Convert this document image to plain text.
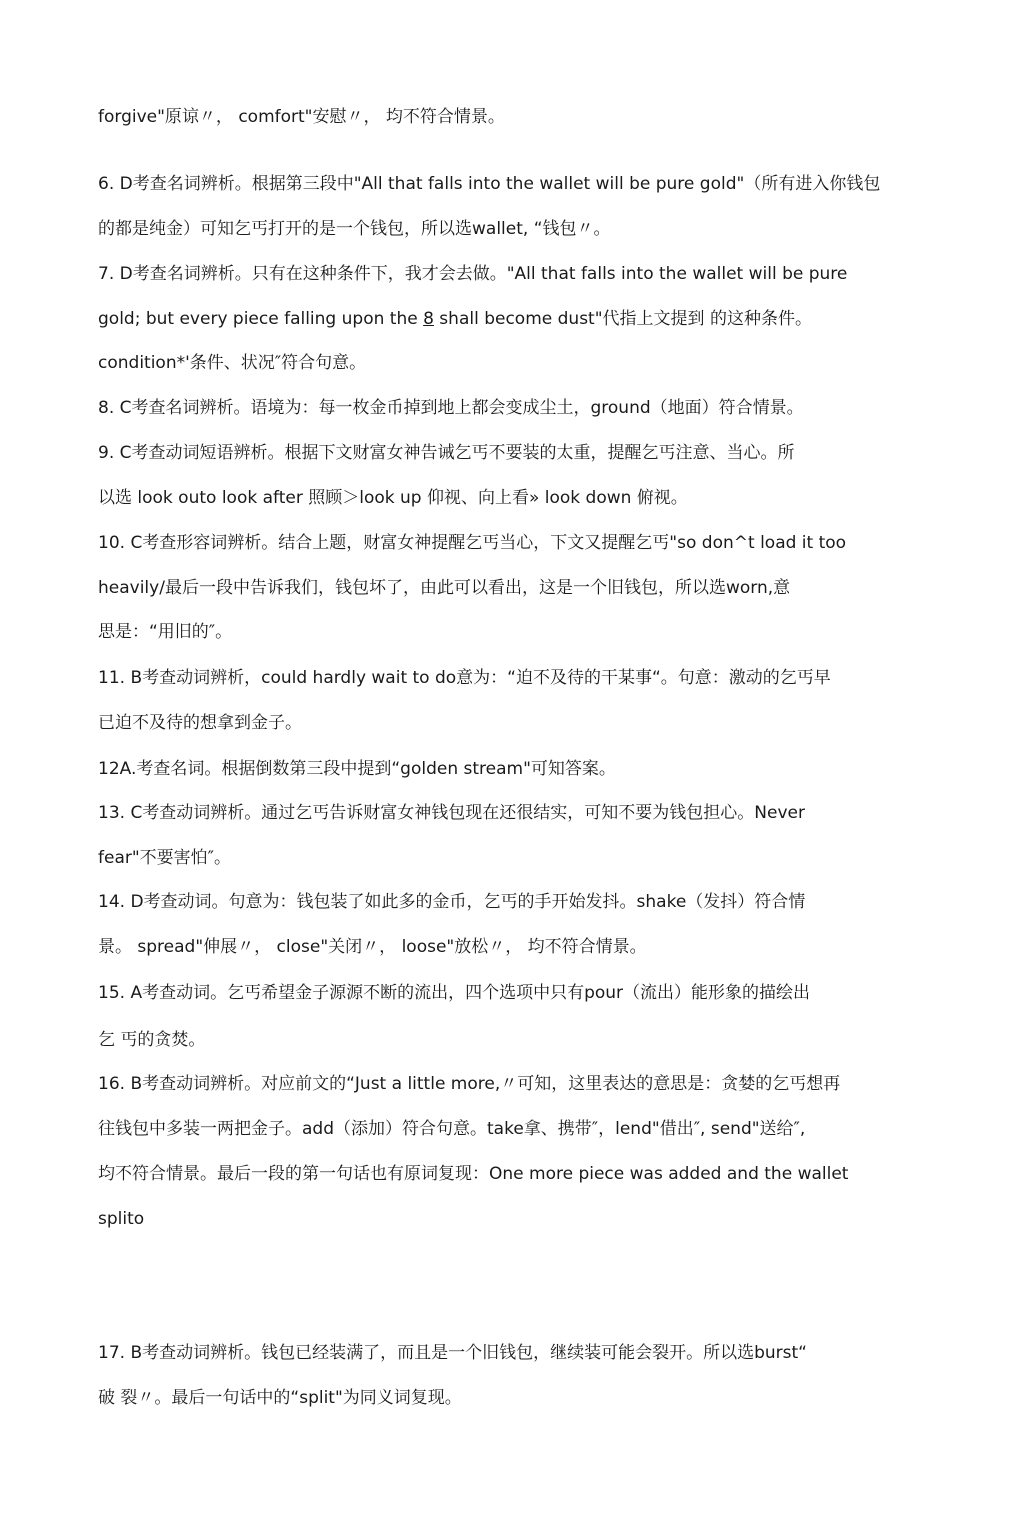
forgive"原谅〃， comfort"安慰〃， 均不符合情景。
6. D考查名词辨析。根据第三段中"All that falls into the wallet will be pure gold"（所有进入你钱包
的都是纯金）可知乞丐打开的是一个钱包，所以选wallet, “钱包〃。
7. D考查名词辨析。只有在这种条件下，我才会去做。"All that falls into the wallet will be pure
gold; but every piece falling upon the 8 shall become dust"代指上文提到 的这种条件。
condition*'条件、状况″符合句意。
8. C考查名词辨析。语境为：每一枚金币掉到地上都会变成尘土，ground（地面）符合情景。
9. C考查动词短语辨析。根据下文财富女神告诫乞丐不要装的太重，提醒乞丐注意、当心。所
以选 look outo look after 照顾＞look up 仰视、向上看» look down 俯视。
10. C考查形容词辨析。结合上题，财富女神提醒乞丐当心，下文又提醒乞丐"so don^t load it too
heavily/最后一段中告诉我们，钱包坏了，由此可以看出，这是一个旧钱包，所以选worn,意
思是：“用旧的″。
11. B考查动词辨析，could hardly wait to do意为：“迫不及待的干某事“。句意：激动的乞丐早
已迫不及待的想拿到金子。
12A.考查名词。根据倒数第三段中提到“golden stream"可知答案。
13. C考查动词辨析。通过乞丐告诉财富女神钱包现在还很结实，可知不要为钱包担心。Never
fear"不要害怕″。
14. D考查动词。句意为：钱包装了如此多的金币，乞丐的手开始发抖。shake（发抖）符合情
景。 spread"伸展〃， close"关闭〃， loose"放松〃， 均不符合情景。
15. A考查动词。乞丐希望金子源源不断的流出，四个选项中只有pour（流出）能形象的描绘出
乞 丐的贪焚。
16. B考查动词辨析。对应前文的“Just a little more,〃可知，这里表达的意思是：贪婪的乞丐想再
往钱包中多装一两把金子。add（添加）符合句意。take拿、携带″，lend"借出″, send"送给″,
均不符合情景。最后一段的第一句话也有原词复现：One more piece was added and the wallet
splito
17. B考查动词辨析。钱包已经装满了，而且是一个旧钱包，继续装可能会裂开。所以选burst“
破 裂〃。最后一句话中的“split"为同义词复现。
